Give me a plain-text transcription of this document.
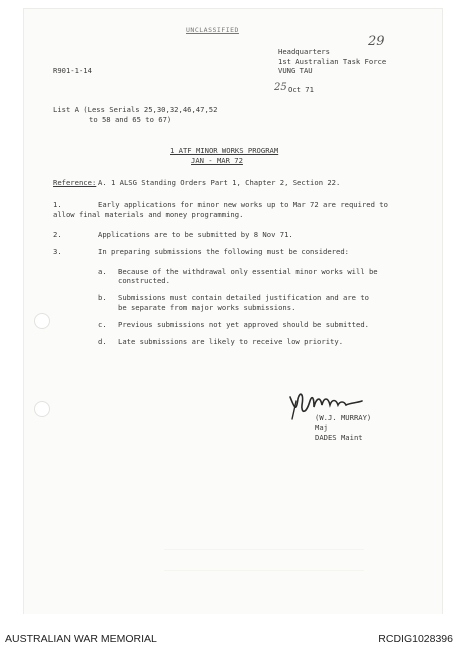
UNCLASSIFIED
29
Headquarters
1st Australian Task Force
VUNG TAU
R901-1-14
25 Oct 71
List A (Less Serials 25,30,32,46,47,52
to 58 and 65 to 67)
1 ATF MINOR WORKS PROGRAM
JAN - MAR 72
Reference: A. 1 ALSG Standing Orders Part 1, Chapter 2, Section 22.
1.	Early applications for minor new works up to Mar 72 are required to
allow final materials and money programming.
2.	Applications are to be submitted by 8 Nov 71.
3.	In preparing submissions the following must be considered:
a. Because of the withdrawal only essential minor works will be
constructed.
b. Submissions must contain detailed justification and are to
be separate from major works submissions.
c. Previous submissions not yet approved should be submitted.
d. Late submissions are likely to receive low priority.
(W.J. MURRAY)
Maj
DADES Maint
AUSTRALIAN WAR MEMORIAL	RCDIG1028396
